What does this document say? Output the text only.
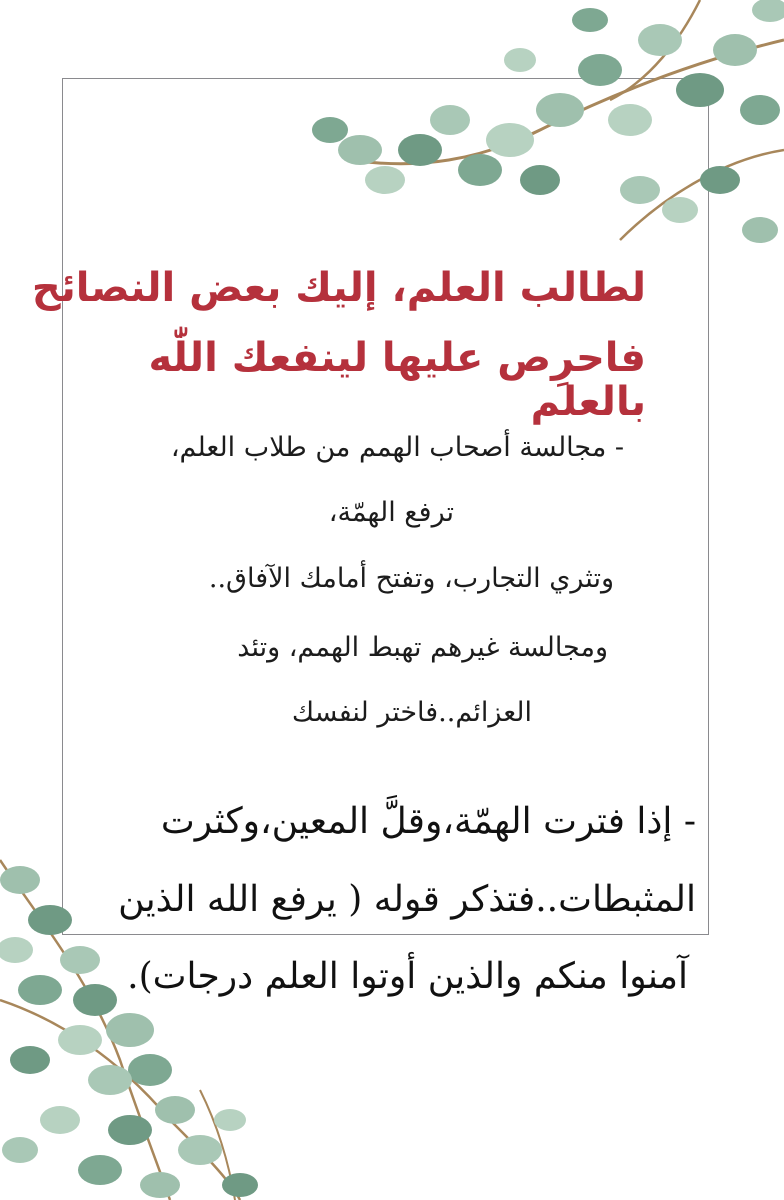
لطالب العلم، إليك بعض النصائح
فاحرِص عليها لينفعك اللّٰه بالعلم
- مجالسة أصحاب الهمم من طلاب العلم،
ترفع الهمّة،
وتثري التجارب، وتفتح أمامك الآفاق..
ومجالسة غيرهم تهبط الهمم، وتئد
العزائم..فاختر لنفسك
- إذا فترت الهمّة،وقلَّ المعين،وكثرت
المثبطات..فتذكر قوله ( يرفع الله الذين
آمنوا منكم والذين أوتوا العلم درجات).
